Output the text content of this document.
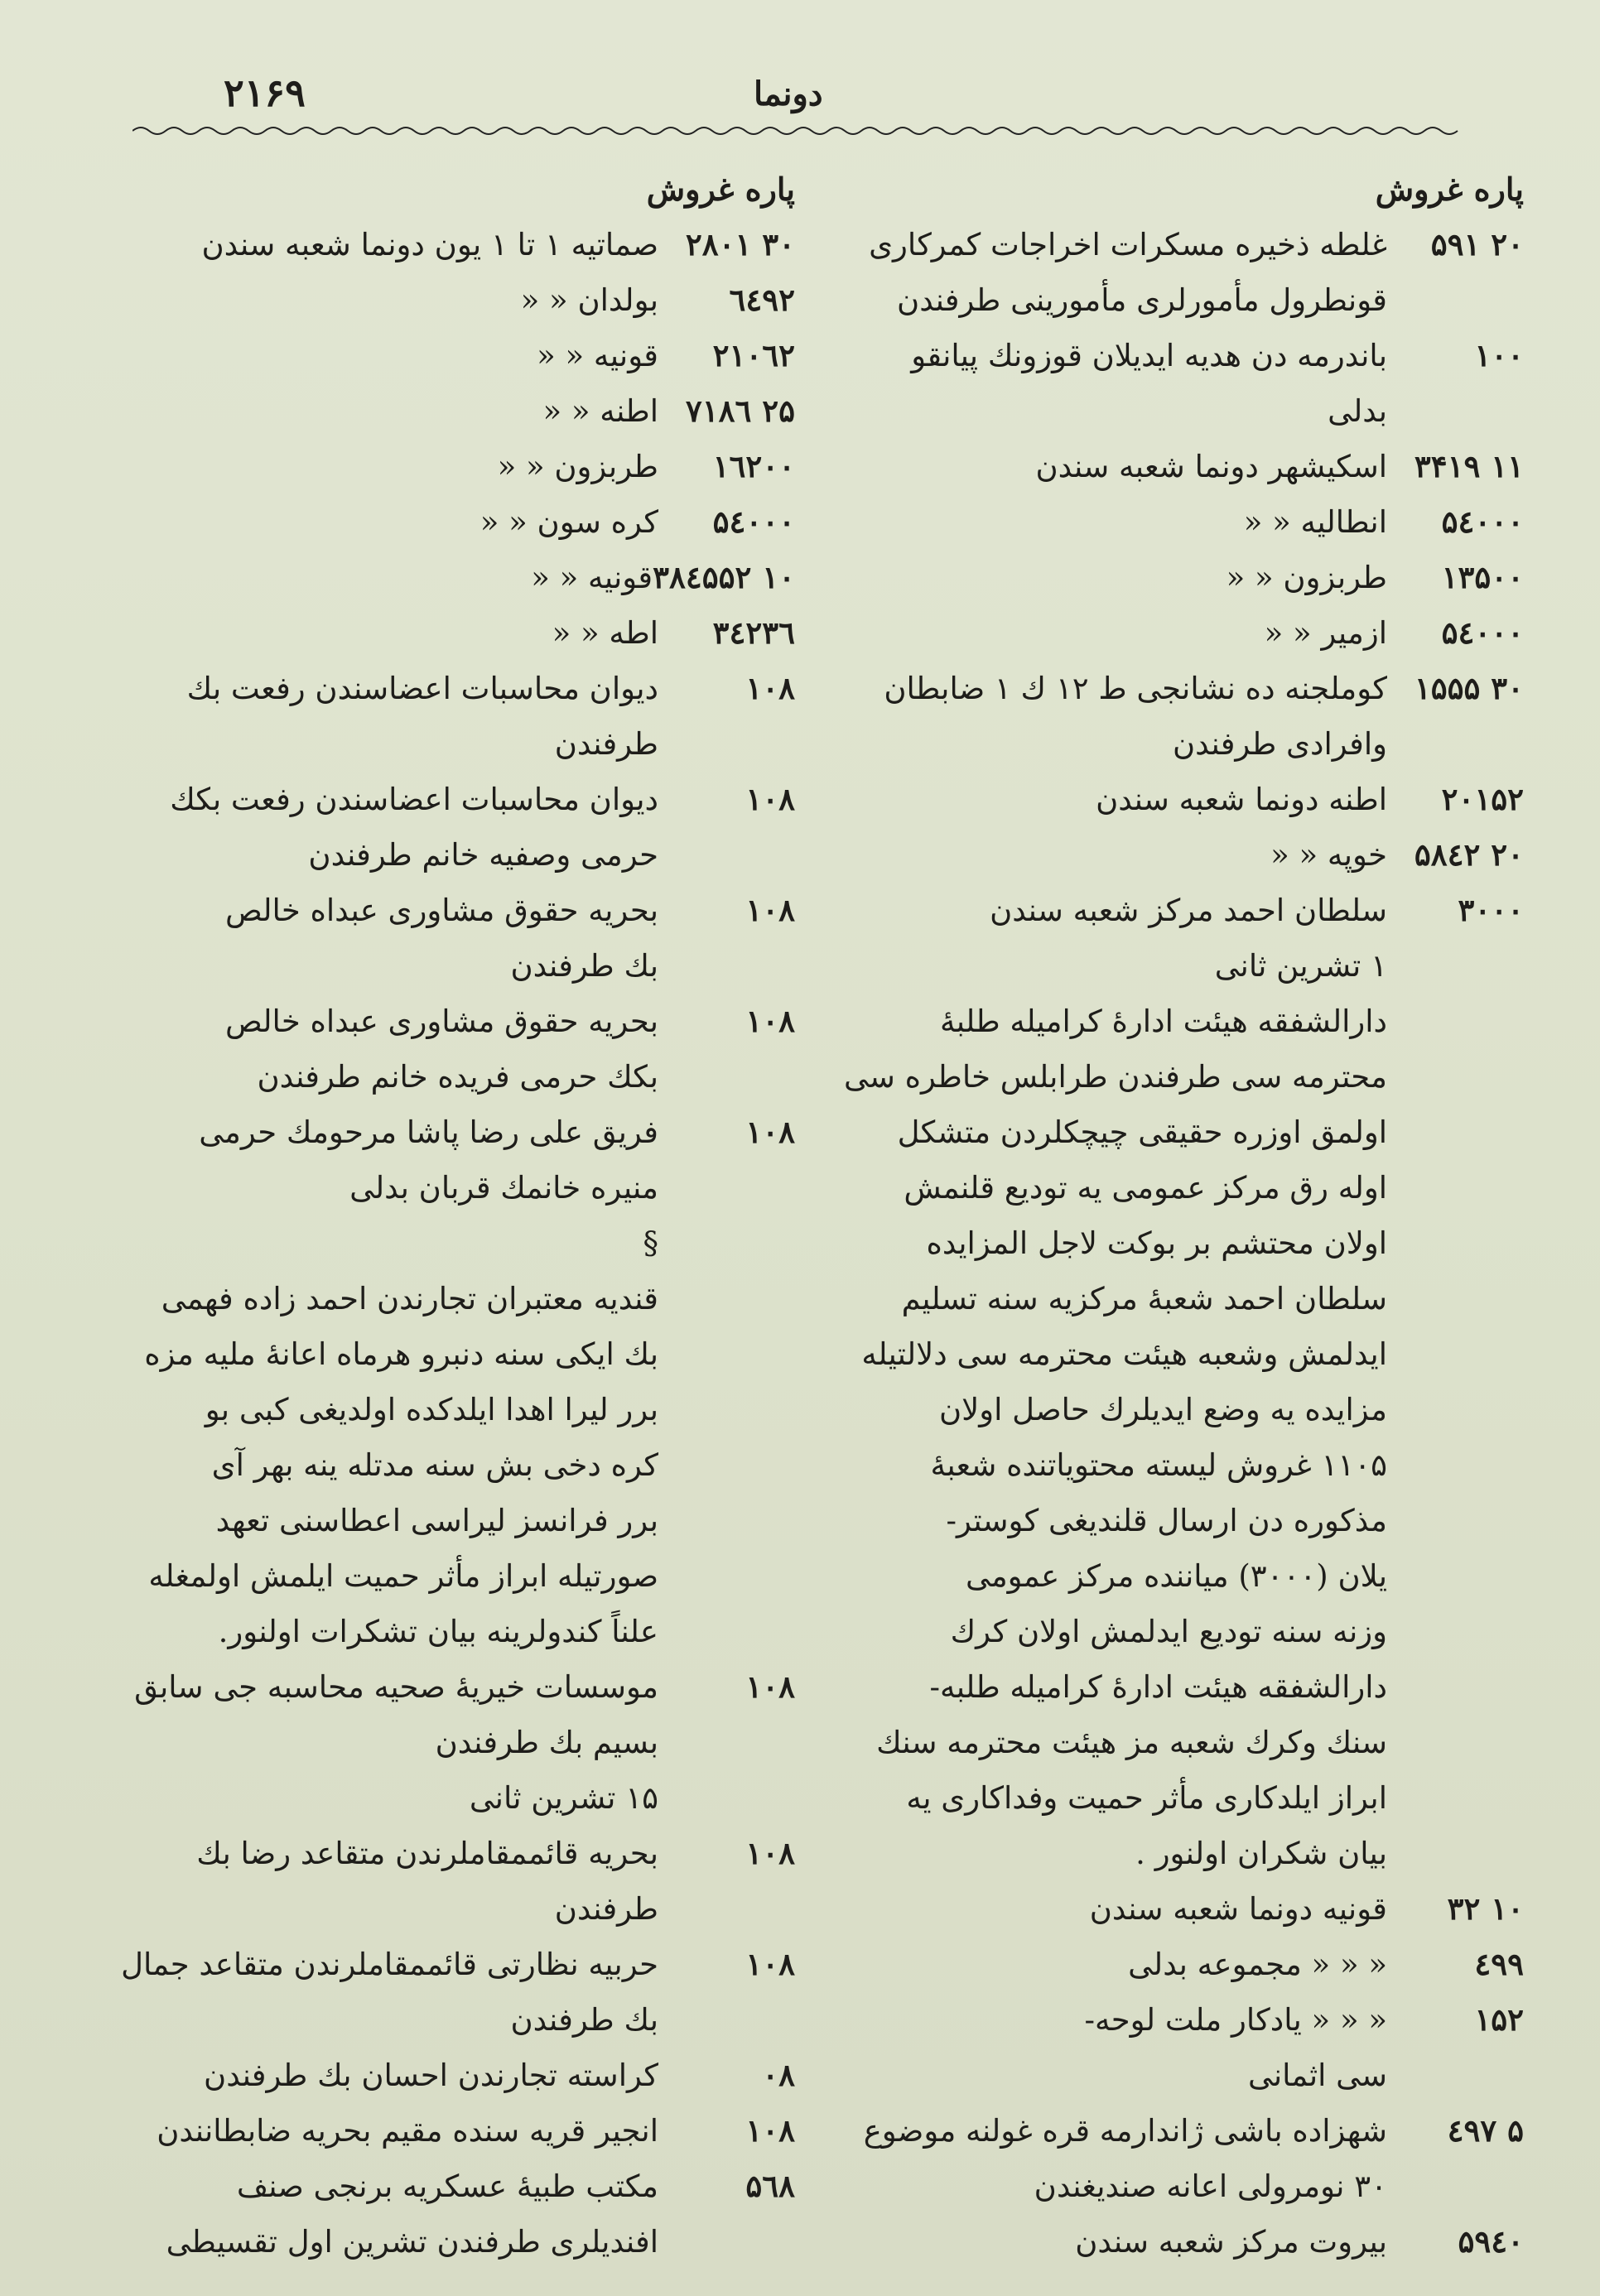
۲۱۶۹	دونما
پاره غروش
۲۰ ۵۹۱غلطه ذخیره مسکرات اخراجات کمرکاری
قونطرول مأمورلری مأمورینی طرفندن
۱۰۰باندرمه دن هدیه ایدیلان قوزونك پیانقو
بدلی
۱۱ ۳۴۱۹اسکیشهر دونما شعبه سندن
۵٤۰۰۰انطالیه « «
۱۳۵۰۰طربزون « «
۵٤۰۰۰ازمیر « «
۳۰ ۱۵۵۵کوملجنه ده نشانجی ط ۱۲ ك ۱ ضابطان
وافرادی طرفندن
۲۰۱۵۲اطنه دونما شعبه سندن
۲۰ ۵۸٤۲خوپه « «
۳۰۰۰سلطان احمد مرکز شعبه سندن
۱ تشرین ثانی
دارالشفقه هیئت ادارهٔ کرامیله طلبهٔ
محترمه سی طرفندن طرابلس خاطره سی
اولمق اوزره حقیقی چیچکلردن متشکل
اوله رق مرکز عمومی یه تودیع قلنمش
اولان محتشم بر بوکت لاجل المزایده
سلطان احمد شعبهٔ مرکزیه سنه تسلیم
ایدلمش وشعبه هیئت محترمه سی دلالتیله
مزایده یه وضع ایدیلرك حاصل اولان
۱۱۰۵ غروش لیسته محتویاتنده شعبهٔ
مذکوره دن ارسال قلندیغی کوستر-
یلان (۳۰۰۰) میاننده مرکز عمومی
وزنه سنه تودیع ایدلمش اولان کرك
دارالشفقه هیئت ادارهٔ کرامیله طلبه-
سنك وکرك شعبه مز هیئت محترمه سنك
ابراز ایلدکاری مأثر حمیت وفداکاری یه
بیان شکران اولنور .
۱۰ ۳۲قونیه دونما شعبه سندن
٤۹۹« « « مجموعه بدلی
۱۵۲« « « یادکار ملت لوحه-
سی اثمانی
۵ ٤۹۷شهزاده باشی ژاندارمه قره غولنه موضوع
۳۰ نومرولی اعانه صندیغندن
۵۹٤۰بیروت مرکز شعبه سندن
پاره غروش
۳۰ ۲۸۰۱صماتیه ۱ تا ۱ یون دونما شعبه سندن
٦٤۹۲بولدان « «
۲۱۰٦۲قونیه « «
۲۵ ۷۱۸٦اطنه « «
۱٦۲۰۰طربزون « «
۵٤۰۰۰کره سون « «
۱۰ ۳۸٤۵۵۲قونیه « «
۳٤۲۳٦اطه « «
۱۰۸دیوان محاسبات اعضاسندن رفعت بك
طرفندن
۱۰۸دیوان محاسبات اعضاسندن رفعت بکك
حرمی وصفیه خانم طرفندن
۱۰۸بحریه حقوق مشاوری عبداه خالص
بك طرفندن
۱۰۸بحریه حقوق مشاوری عبداه خالص
بکك حرمی فریده خانم طرفندن
۱۰۸فریق علی رضا پاشا مرحومك حرمی
منیره خانمك قربان بدلی
§
قندیه معتبران تجارندن احمد زاده فهمی
بك ایکی سنه دنبرو هرماه اعانهٔ ملیه مزه
برر لیرا اهدا ایلدکده اولدیغی کبی بو
کره دخی بش سنه مدتله ینه بهر آی
برر فرانسز لیراسی اعطاسنی تعهد
صورتیله ابراز مأثر حمیت ایلمش اولمغله
علناً کندولرینه بیان تشکرات اولنور.
۱۰۸موسسات خیریهٔ صحیه محاسبه جی سابق
بسیم بك طرفندن
۱۵ تشرین ثانی
۱۰۸بحریه قائممقاملرندن متقاعد رضا بك
طرفندن
۱۰۸حربیه نظارتی قائممقاملرندن متقاعد جمال
بك طرفندن
۰۸کراسته تجارندن احسان بك طرفندن
۱۰۸انجیر قریه سنده مقیم بحریه ضابطانندن
۵٦۸مکتب طبیهٔ عسکریه برنجی صنف
افندیلری طرفندن تشرین اول تقسیطی
